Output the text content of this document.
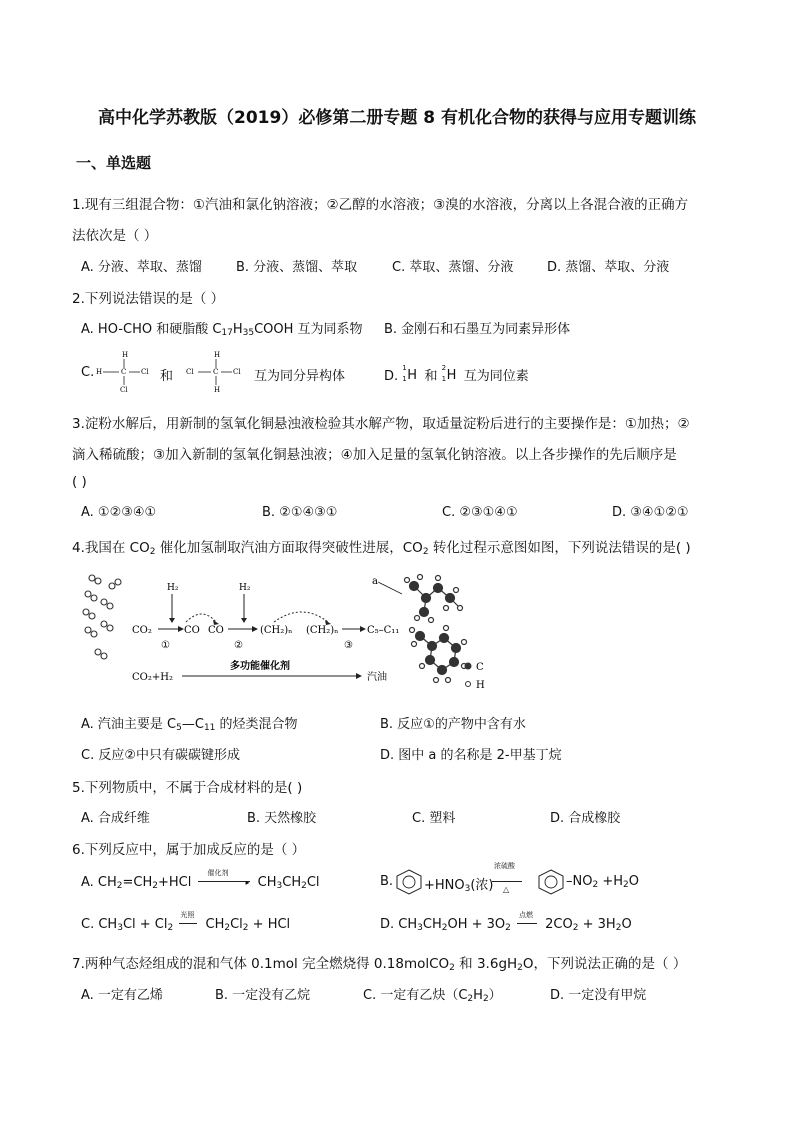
高中化学苏教版（2019）必修第二册专题 8 有机化合物的获得与应用专题训练
一、单选题
1.现有三组混合物：①汽油和氯化钠溶液；②乙醇的水溶液；③溴的水溶液，分离以上各混合液的正确方
法依次是（ ）
A. 分液、萃取、蒸馏	B. 分液、蒸馏、萃取	C. 萃取、蒸馏、分液	D. 蒸馏、萃取、分液
2.下列说法错误的是（ ）
A. HO-CHO 和硬脂酸 $C_{17}H_{35}COOH$ 互为同系物 B. 金刚石和石墨互为同素异形体
C.
H
H	C Cl
Cl
和
H
Cl	C Cl
H
互为同分异构体	D.
1
1 H 和
2
1 H 互为同位素
3.淀粉水解后，用新制的氢氧化铜悬浊液检验其水解产物，取适量淀粉后进行的主要操作是：①加热；②
滴入稀硫酸；③加入新制的氢氧化铜悬浊液；④加入足量的氢氧化钠溶液。以上各步操作的先后顺序是
( )
A. ①②③④①	B. ②①④③①	C. ②③①④①	D. ③④①②①
4.我国在 $CO_2$ 催化加氢制取汽油方面取得突破性进展，$CO_2$ 转化过程示意图如图，下列说法错误的是( )
H₂
CO₂
①
CO CO
H₂
②
(CH₂)ₙ (CH₂)ₙ
③
C₅–C₁₁
CO₂+H₂
多功能催化剂
汽油
a
C
H
A. 汽油主要是 $C_5—C_{11}$ 的烃类混合物	B. 反应①的产物中含有水
C. 反应②中只有碳碳键形成	D. 图中 a 的名称是 2-甲基丁烷
5.下列物质中，不属于合成材料的是( )
A. 合成纤维	B. 天然橡胶	C. 塑料	D. 合成橡胶
6.下列反应中，属于加成反应的是（ ）
A. $CH_2=CH_2+HCl$
催化剂
▸ $CH_3CH_2Cl$	B. $+HNO_3$(浓)
浓硫酸
△
$-NO_2 +H_2O$
C. $CH_3Cl + Cl_2$
光照
$CH_2Cl_2$ + HCl	D. $CH_3CH_2OH + 3O_2$
点燃
$2CO_2 + 3H_2O$
7.两种气态烃组成的混和气体 0.1mol 完全燃烧得 0.18molCO$_2$ 和 $3.6gH_2O$，下列说法正确的是（ ）
A. 一定有乙烯	B. 一定没有乙烷	C. 一定有乙炔$(C_2H_2)$	D. 一定没有甲烷
